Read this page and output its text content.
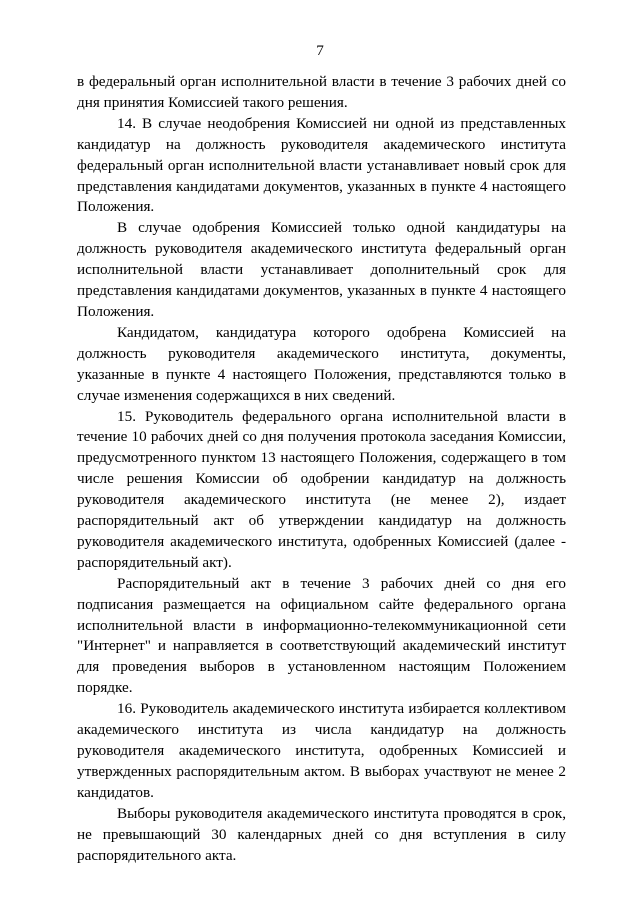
7

в федеральный орган исполнительной власти в течение 3 рабочих дней со дня принятия Комиссией такого решения.

14. В случае неодобрения Комиссией ни одной из представленных кандидатур на должность руководителя академического института федеральный орган исполнительной власти устанавливает новый срок для представления кандидатами документов, указанных в пункте 4 настоящего Положения.

В случае одобрения Комиссией только одной кандидатуры на должность руководителя академического института федеральный орган исполнительной власти устанавливает дополнительный срок для представления кандидатами документов, указанных в пункте 4 настоящего Положения.

Кандидатом, кандидатура которого одобрена Комиссией на должность руководителя академического института, документы, указанные в пункте 4 настоящего Положения, представляются только в случае изменения содержащихся в них сведений.

15. Руководитель федерального органа исполнительной власти в течение 10 рабочих дней со дня получения протокола заседания Комиссии, предусмотренного пунктом 13 настоящего Положения, содержащего в том числе решения Комиссии об одобрении кандидатур на должность руководителя академического института (не менее 2), издает распорядительный акт об утверждении кандидатур на должность руководителя академического института, одобренных Комиссией (далее - распорядительный акт).

Распорядительный акт в течение 3 рабочих дней со дня его подписания размещается на официальном сайте федерального органа исполнительной власти в информационно-телекоммуникационной сети "Интернет" и направляется в соответствующий академический институт для проведения выборов в установленном настоящим Положением порядке.

16. Руководитель академического института избирается коллективом академического института из числа кандидатур на должность руководителя академического института, одобренных Комиссией и утвержденных распорядительным актом. В выборах участвуют не менее 2 кандидатов.

Выборы руководителя академического института проводятся в срок, не превышающий 30 календарных дней со дня вступления в силу распорядительного акта.
